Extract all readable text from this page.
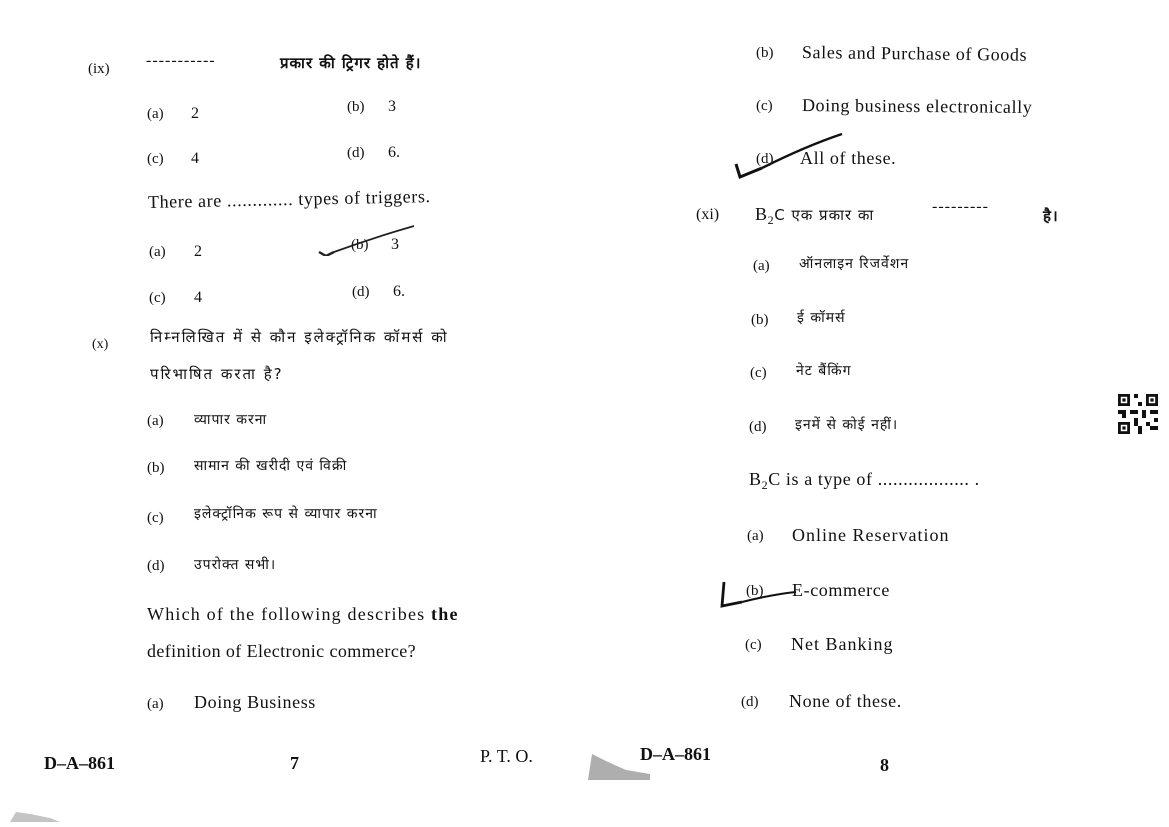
(ix) -----------	प्रकार की ट्रिगर होते हैं।
(a) 2	(b) 3
(c) 4	(d) 6.
There are ............. types of triggers.
(a) 2	(b) 3
(c) 4	(d) 6.
(x)	निम्नलिखित में से कौन इलेक्ट्रॉनिक कॉमर्स को
परिभाषित करता है?
(a) व्यापार करना
(b) सामान की खरीदी एवं विक्री
(c) इलेक्ट्रॉनिक रूप से व्यापार करना
(d) उपरोक्त सभी।
Which of the following describes the
definition of Electronic commerce?
(a) Doing Business
D–A–861	7	P. T. O.
(b) Sales and Purchase of Goods
(c) Doing business electronically
(d) All of these.
(xi) $B_2C$ एक प्रकार का	---------
है।
(a) ऑनलाइन रिजर्वेशन
(b) ई कॉमर्स
(c) नेट बैंकिंग
(d) इनमें से कोई नहीं।
$B_2C$ is a type of .................. .
(a) Online Reservation
(b) E-commerce
(c) Net Banking
(d) None of these.
D–A–861
8
